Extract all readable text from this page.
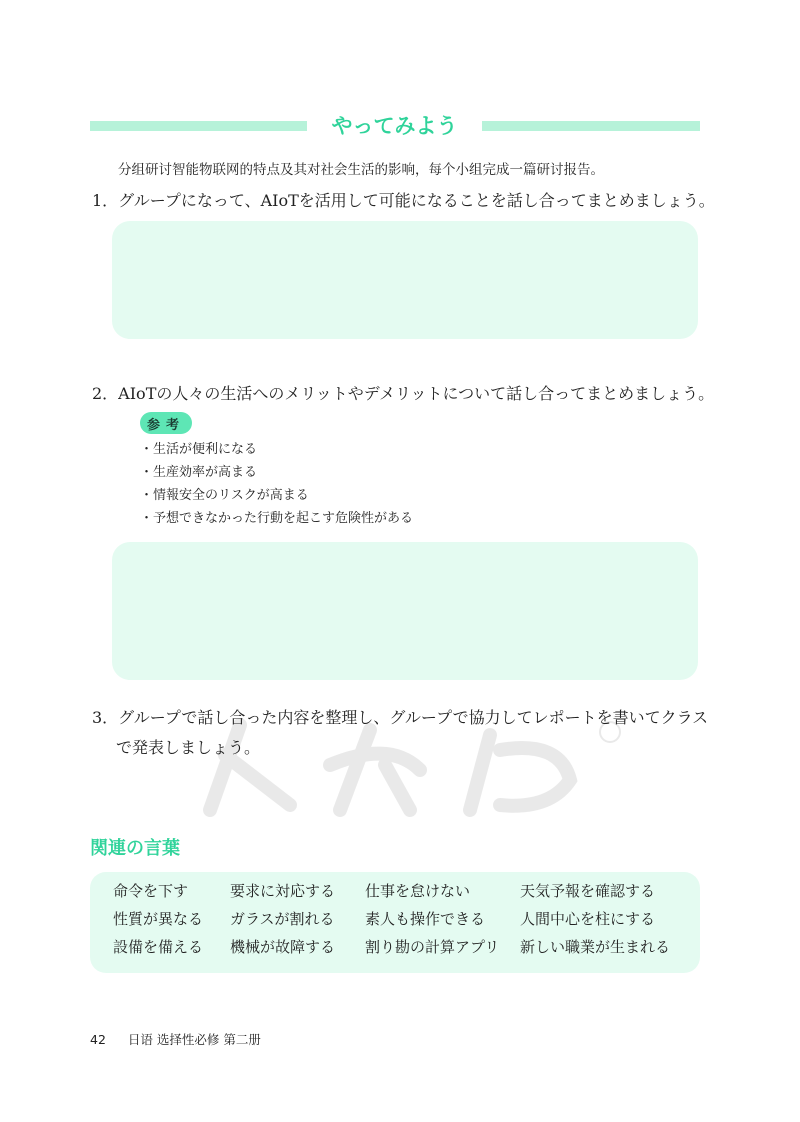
やってみよう
分组研讨智能物联网的特点及其对社会生活的影响，每个小组完成一篇研讨报告。
1．グループになって、AIoTを活用して可能になることを話し合ってまとめましょう。
2．AIoTの人々の生活へのメリットやデメリットについて話し合ってまとめましょう。
参考
・生活が便利になる
・生産効率が高まる
・情報安全のリスクが高まる
・予想できなかった行動を起こす危険性がある
3．グループで話し合った内容を整理し、グループで協力してレポートを書いてクラス
で発表しましょう。
関連の言葉
命令を下す	要求に対応する	仕事を怠けない	天気予報を確認する
性質が異なる	ガラスが割れる	素人も操作できる	人間中心を柱にする
設備を備える	機械が故障する	割り勘の計算アプリ	新しい職業が生まれる
42 日语 选择性必修 第二册
